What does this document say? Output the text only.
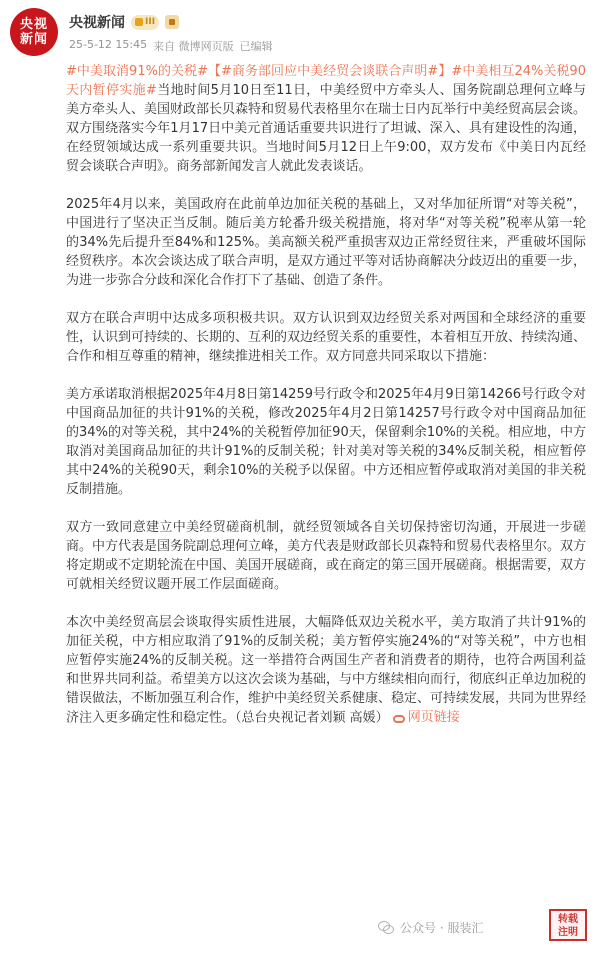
央视
新闻
央视新闻 III
25-5-12 15:45 来自 微博网页版 已编辑

#中美取消91%的关税#【#商务部回应中美经贸会谈联合声明#】#中美相互24%关税90天内暂停实施#当地时间5月10日至11日，中美经贸中方牵头人、国务院副总理何立峰与美方牵头人、美国财政部长贝森特和贸易代表格里尔在瑞士日内瓦举行中美经贸高层会谈。双方围绕落实今年1月17日中美元首通话重要共识进行了坦诚、深入、具有建设性的沟通，在经贸领域达成一系列重要共识。当地时间5月12日上午9:00，双方发布《中美日内瓦经贸会谈联合声明》。商务部新闻发言人就此发表谈话。

2025年4月以来，美国政府在此前单边加征关税的基础上，又对华加征所谓“对等关税”，中国进行了坚决正当反制。随后美方轮番升级关税措施，将对华“对等关税”税率从第一轮的34%先后提升至84%和125%。美高额关税严重损害双边正常经贸往来，严重破坏国际经贸秩序。本次会谈达成了联合声明，是双方通过平等对话协商解决分歧迈出的重要一步，为进一步弥合分歧和深化合作打下了基础、创造了条件。

双方在联合声明中达成多项积极共识。双方认识到双边经贸关系对两国和全球经济的重要性，认识到可持续的、长期的、互利的双边经贸关系的重要性，本着相互开放、持续沟通、合作和相互尊重的精神，继续推进相关工作。双方同意共同采取以下措施：

美方承诺取消根据2025年4月8日第14259号行政令和2025年4月9日第14266号行政令对中国商品加征的共计91%的关税，修改2025年4月2日第14257号行政令对中国商品加征的34%的对等关税，其中24%的关税暂停加征90天，保留剩余10%的关税。相应地，中方取消对美国商品加征的共计91%的反制关税；针对美对等关税的34%反制关税，相应暂停其中24%的关税90天，剩余10%的关税予以保留。中方还相应暂停或取消对美国的非关税反制措施。

双方一致同意建立中美经贸磋商机制，就经贸领域各自关切保持密切沟通，开展进一步磋商。中方代表是国务院副总理何立峰，美方代表是财政部长贝森特和贸易代表格里尔。双方将定期或不定期轮流在中国、美国开展磋商，或在商定的第三国开展磋商。根据需要，双方可就相关经贸议题开展工作层面磋商。

本次中美经贸高层会谈取得实质性进展，大幅降低双边关税水平，美方取消了共计91%的加征关税，中方相应取消了91%的反制关税；美方暂停实施24%的“对等关税”，中方也相应暂停实施24%的反制关税。这一举措符合两国生产者和消费者的期待，也符合两国利益和世界共同利益。希望美方以这次会谈为基础，与中方继续相向而行，彻底纠正单边加税的错误做法，不断加强互利合作，维护中美经贸关系健康、稳定、可持续发展，共同为世界经济注入更多确定性和稳定性。（总台央视记者刘颖 高媛） 网页链接

公众号 · 服装汇
转载
注明
